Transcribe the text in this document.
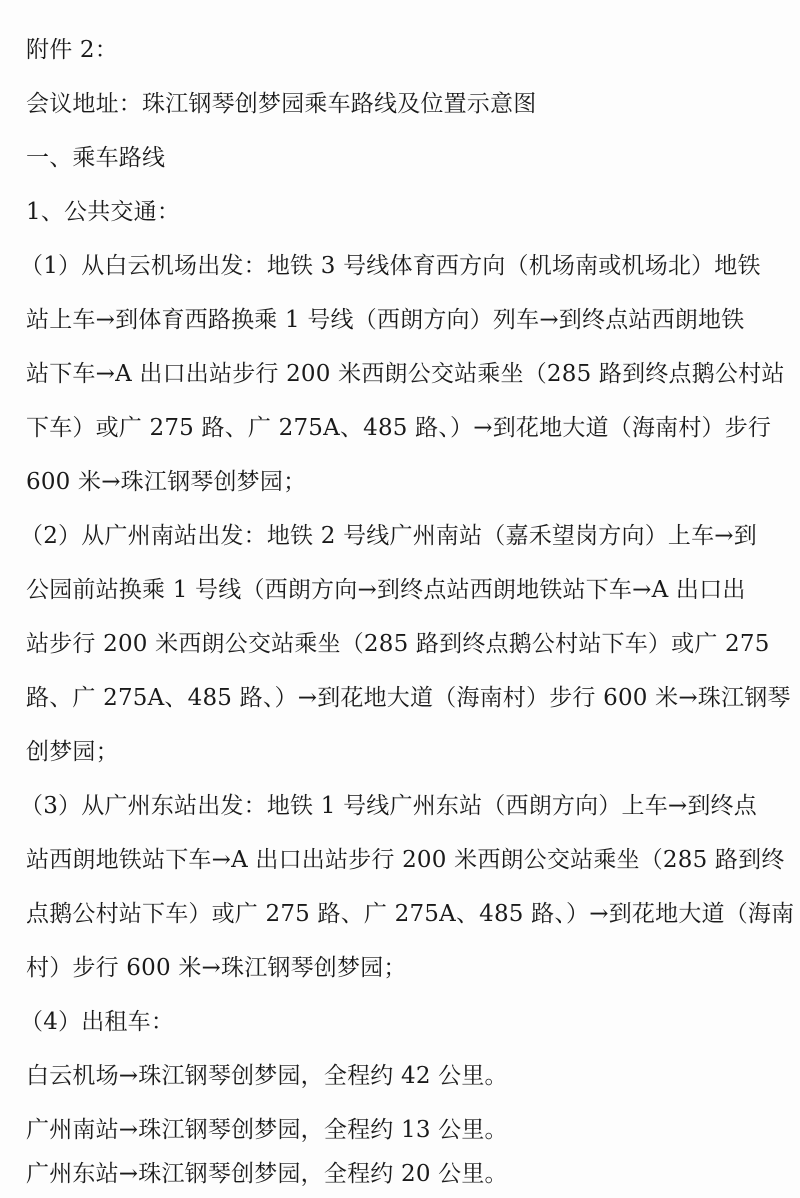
附件 2：
会议地址：珠江钢琴创梦园乘车路线及位置示意图
一、乘车路线
1、公共交通：
（1）从白云机场出发：地铁 3 号线体育西方向（机场南或机场北）地铁
站上车→到体育西路换乘 1 号线（西朗方向）列车→到终点站西朗地铁
站下车→A 出口出站步行 200 米西朗公交站乘坐（285 路到终点鹅公村站
下车）或广 275 路、广 275A、485 路、）→到花地大道（海南村）步行
600 米→珠江钢琴创梦园；
（2）从广州南站出发：地铁 2 号线广州南站（嘉禾望岗方向）上车→到
公园前站换乘 1 号线（西朗方向→到终点站西朗地铁站下车→A 出口出
站步行 200 米西朗公交站乘坐（285 路到终点鹅公村站下车）或广 275
路、广 275A、485 路、）→到花地大道（海南村）步行 600 米→珠江钢琴
创梦园；
（3）从广州东站出发：地铁 1 号线广州东站（西朗方向）上车→到终点
站西朗地铁站下车→A 出口出站步行 200 米西朗公交站乘坐（285 路到终
点鹅公村站下车）或广 275 路、广 275A、485 路、）→到花地大道（海南
村）步行 600 米→珠江钢琴创梦园；
（4）出租车：
白云机场→珠江钢琴创梦园，全程约 42 公里。
广州南站→珠江钢琴创梦园，全程约 13 公里。
广州东站→珠江钢琴创梦园，全程约 20 公里。
